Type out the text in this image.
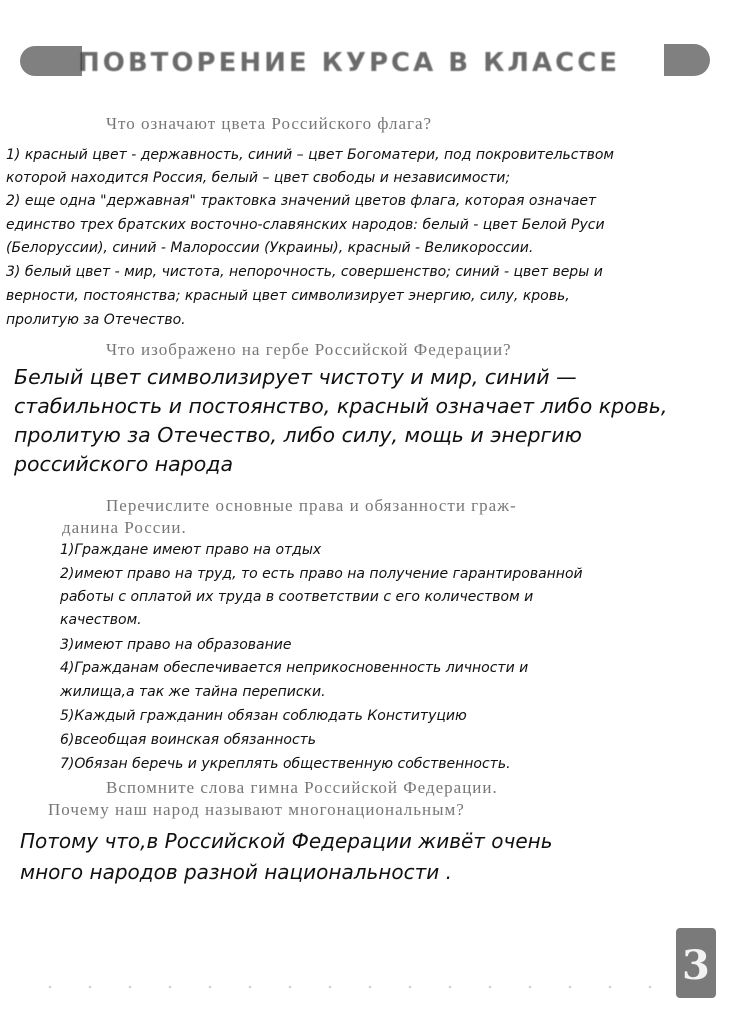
ПОВТОРЕНИЕ КУРСА В КЛАССЕ
Что означают цвета Российского флага?
1) красный цвет - державность, синий – цвет Богоматери, под покровительством
которой находится Россия, белый – цвет свободы и независимости;
2) еще одна "державная" трактовка значений цветов флага, которая означает
единство трех братских восточно-славянских народов: белый - цвет Белой Руси
(Белоруссии), синий - Малороссии (Украины), красный - Великороссии.
3) белый цвет - мир, чистота, непорочность, совершенство; синий - цвет веры и
верности, постоянства; красный цвет символизирует энергию, силу, кровь,
пролитую за Отечество.
Что изображено на гербе Российской Федерации?
Белый цвет символизирует чистоту и мир, синий —
стабильность и постоянство, красный означает либо кровь,
пролитую за Отечество, либо силу, мощь и энергию
российского народа
Перечислите основные права и обязанности граж-
данина России.
1)Граждане имеют право на отдых
2)имеют право на труд, то есть право на получение гарантированной
работы с оплатой их труда в соответствии с его количеством и
качеством.
3)имеют право на образование
4)Гражданам обеспечивается неприкосновенность личности и
жилища,а так же тайна переписки.
5)Каждый гражданин обязан соблюдать Конституцию
6)всеобщая воинская обязанность
7)Обязан беречь и укреплять общественную собственность.
Вспомните слова гимна Российской Федерации.
Почему наш народ называют многонациональным?
Потому что,в Российской Федерации живёт очень
много народов разной национальности .
3
